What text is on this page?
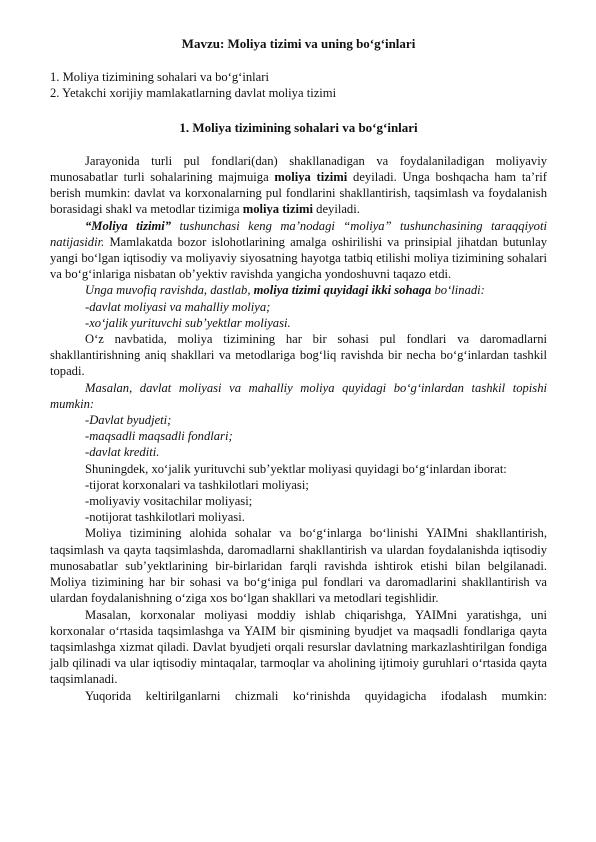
Mavzu: Moliya tizimi va uning bo‘g‘inlari

1. Moliya tizimining sohalari va bo‘g‘inlari

2. Yetakchi xorijiy mamlakatlarning davlat moliya tizimi

1. Moliya tizimining sohalari va bo‘g‘inlari

Jarayonida turli pul fondlari(dan) shakllanadigan va foydalaniladigan moliyaviy munosabatlar turli sohalarining majmuiga moliya tizimi deyiladi. Unga boshqacha ham ta’rif berish mumkin: davlat va korxonalarning pul fondlarini shakllantirish, taqsimlash va foydalanish borasidagi shakl va metodlar tizimiga moliya tizimi deyiladi.

“Moliya tizimi” tushunchasi keng ma’nodagi “moliya” tushunchasining taraqqiyoti natijasidir. Mamlakatda bozor islohotlarining amalga oshirilishi va prinsipial jihatdan butunlay yangi bo‘lgan iqtisodiy va moliyaviy siyosatning hayotga tatbiq etilishi moliya tizimining sohalari va bo‘g‘inlariga nisbatan ob’yektiv ravishda yangicha yondoshuvni taqazo etdi.

Unga muvofiq ravishda, dastlab, moliya tizimi quyidagi ikki sohaga bo‘linadi:

-davlat moliyasi va mahalliy moliya;

-xo‘jalik yurituvchi sub’yektlar moliyasi.

O‘z navbatida, moliya tizimining har bir sohasi pul fondlari va daromadlarni shakllantirishning aniq shakllari va metodlariga bog‘liq ravishda bir necha bo‘g‘inlardan tashkil topadi.

Masalan, davlat moliyasi va mahalliy moliya quyidagi bo‘g‘inlardan tashkil topishi mumkin:

-Davlat byudjeti;

-maqsadli maqsadli fondlari;

-davlat krediti.

Shuningdek, xo‘jalik yurituvchi sub’yektlar moliyasi quyidagi bo‘g‘inlardan iborat:

-tijorat korxonalari va tashkilotlari moliyasi;

-moliyaviy vositachilar moliyasi;

-notijorat tashkilotlari moliyasi.

Moliya tizimining alohida sohalar va bo‘g‘inlarga bo‘linishi YAIMni shakllantirish, taqsimlash va qayta taqsimlashda, daromadlarni shakllantirish va ulardan foydalanishda iqtisodiy munosabatlar sub’yektlarining bir-birlaridan farqli ravishda ishtirok etishi bilan belgilanadi. Moliya tizimining har bir sohasi va bo‘g‘iniga pul fondlari va daromadlarini shakllantirish va ulardan foydalanishning o‘ziga xos bo‘lgan shakllari va metodlari tegishlidir.

Masalan, korxonalar moliyasi moddiy ishlab chiqarishga, YAIMni yaratishga, uni korxonalar o‘rtasida taqsimlashga va YAIM bir qismining byudjet va maqsadli fondlariga qayta taqsimlashga xizmat qiladi. Davlat byudjeti orqali resurslar davlatning markazlashtirilgan fondiga jalb qilinadi va ular iqtisodiy mintaqalar, tarmoqlar va aholining ijtimoiy guruhlari o‘rtasida qayta taqsimlanadi.

Yuqorida keltirilganlarni chizmali ko‘rinishda quyidagicha ifodalash mumkin:
